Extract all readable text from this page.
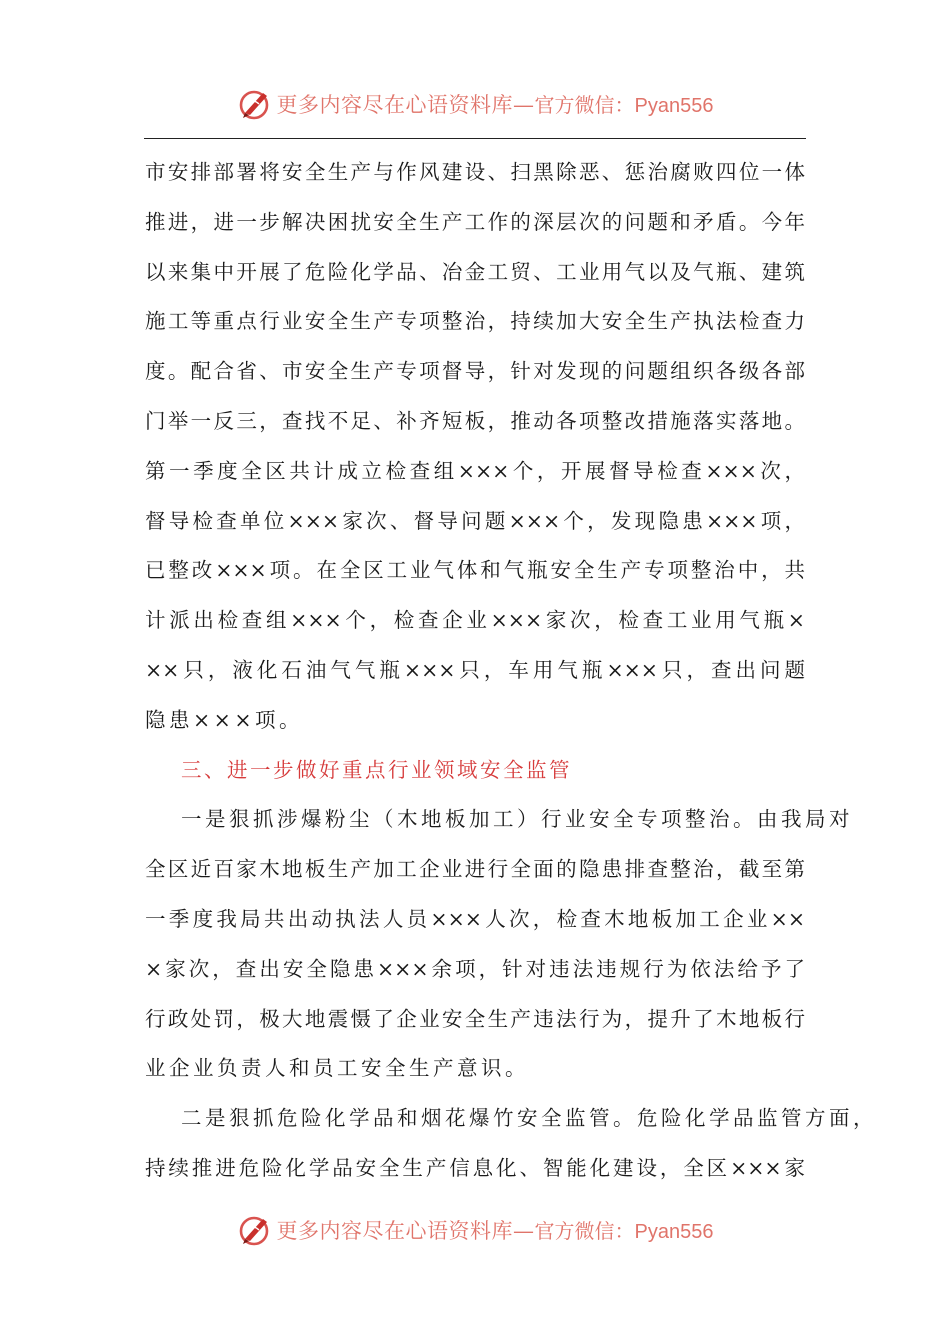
更多内容尽在心语资料库—官方微信：Pyan556
市安排部署将安全生产与作风建设、扫黑除恶、惩治腐败四位一体
推进，进一步解决困扰安全生产工作的深层次的问题和矛盾。今年
以来集中开展了危险化学品、冶金工贸、工业用气以及气瓶、建筑
施工等重点行业安全生产专项整治，持续加大安全生产执法检查力
度。配合省、市安全生产专项督导，针对发现的问题组织各级各部
门举一反三，查找不足、补齐短板，推动各项整改措施落实落地。
第一季度全区共计成立检查组×××个，开展督导检查×××次，
督导检查单位×××家次、督导问题×××个，发现隐患×××项，
已整改×××项。在全区工业气体和气瓶安全生产专项整治中，共
计派出检查组×××个，检查企业×××家次，检查工业用气瓶×
××只，液化石油气气瓶×××只，车用气瓶×××只，查出问题
隐患×××项。
三、进一步做好重点行业领域安全监管
一是狠抓涉爆粉尘（木地板加工）行业安全专项整治。由我局对
全区近百家木地板生产加工企业进行全面的隐患排查整治，截至第
一季度我局共出动执法人员×××人次，检查木地板加工企业××
×家次，查出安全隐患×××余项，针对违法违规行为依法给予了
行政处罚，极大地震慑了企业安全生产违法行为，提升了木地板行
业企业负责人和员工安全生产意识。
二是狠抓危险化学品和烟花爆竹安全监管。危险化学品监管方面，
持续推进危险化学品安全生产信息化、智能化建设，全区×××家
更多内容尽在心语资料库—官方微信：Pyan556
